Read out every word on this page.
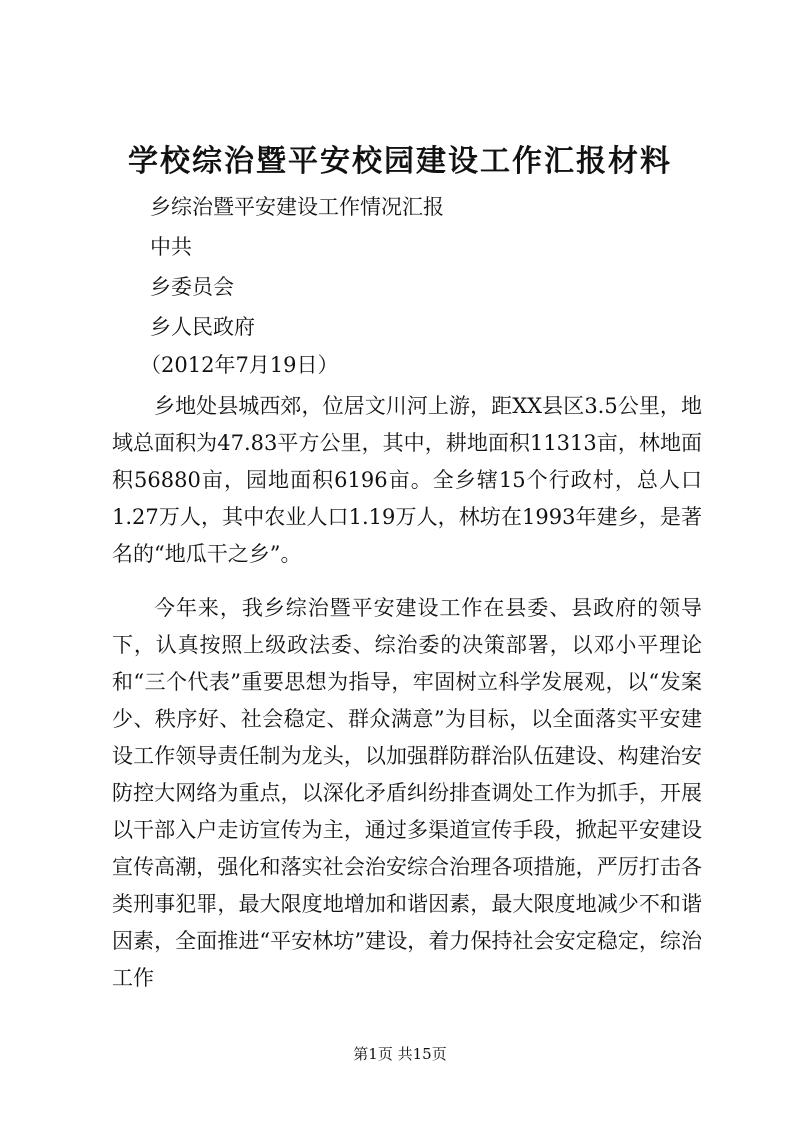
学校综治暨平安校园建设工作汇报材料
乡综治暨平安建设工作情况汇报
中共
乡委员会
乡人民政府
（2012年7月19日）
乡地处县城西郊，位居文川河上游，距XX县区3.5公里，地域总面积为47.83平方公里，其中，耕地面积11313亩，林地面积56880亩，园地面积6196亩。全乡辖15个行政村，总人口1.27万人，其中农业人口1.19万人，林坊在1993年建乡，是著名的“地瓜干之乡”。
今年来，我乡综治暨平安建设工作在县委、县政府的领导下，认真按照上级政法委、综治委的决策部署，以邓小平理论和“三个代表”重要思想为指导，牢固树立科学发展观，以“发案少、秩序好、社会稳定、群众满意”为目标，以全面落实平安建设工作领导责任制为龙头，以加强群防群治队伍建设、构建治安防控大网络为重点，以深化矛盾纠纷排查调处工作为抓手，开展以干部入户走访宣传为主，通过多渠道宣传手段，掀起平安建设宣传高潮，强化和落实社会治安综合治理各项措施，严厉打击各类刑事犯罪，最大限度地增加和谐因素，最大限度地减少不和谐因素，全面推进“平安林坊”建设，着力保持社会安定稳定，综治工作
第1页 共15页
